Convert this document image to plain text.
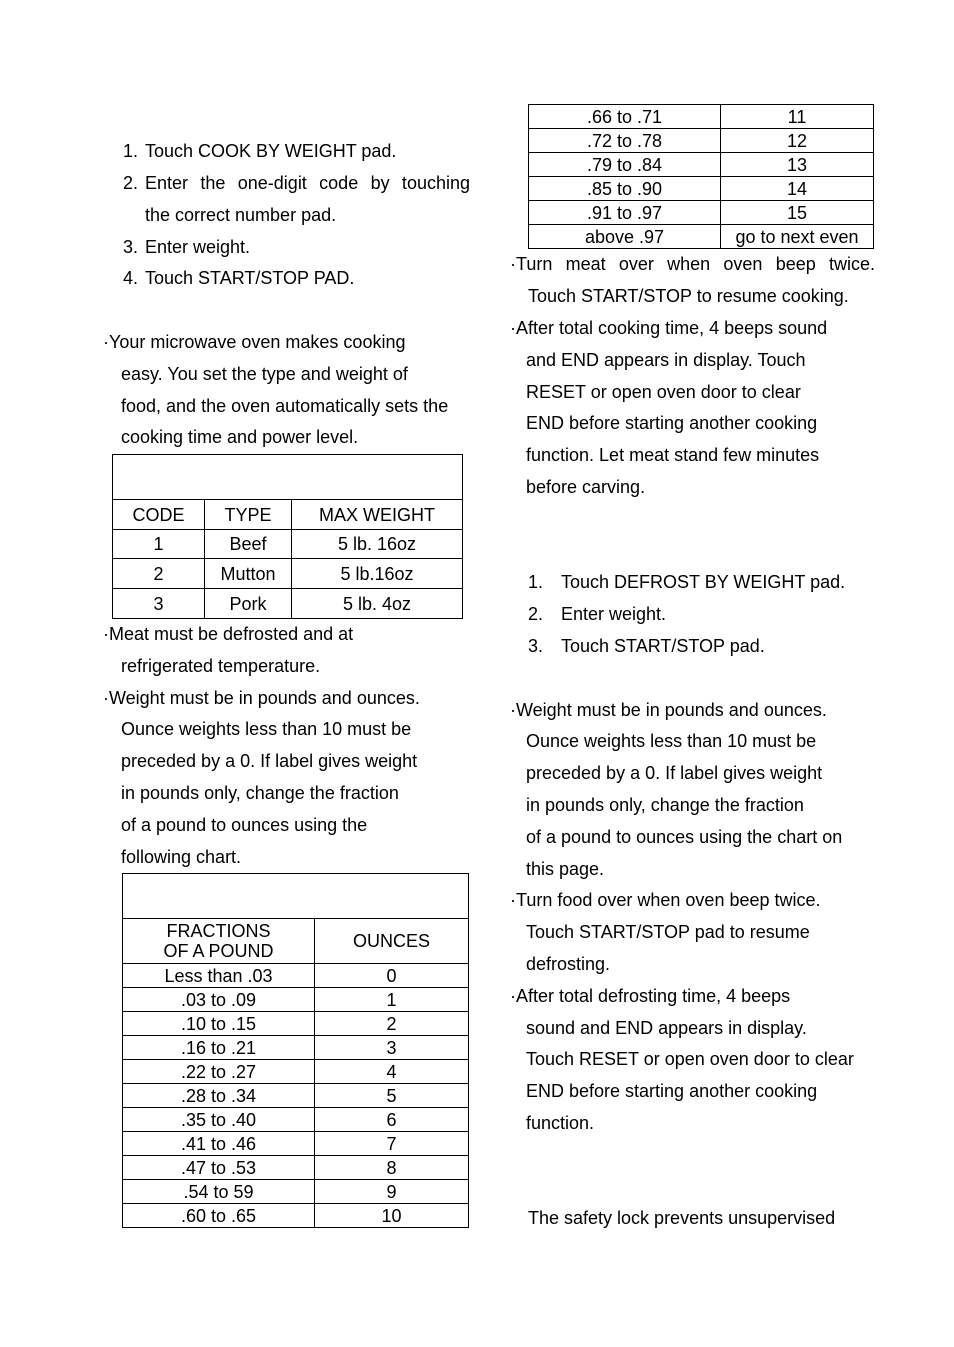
1. Touch COOK BY WEIGHT pad.
2. Enter the one-digit code by touching
the correct number pad.
3. Enter weight.
4. Touch START/STOP PAD.
·Your microwave oven makes cooking
easy. You set the type and weight of
food, and the oven automatically sets the
cooking time and power level.

CODE	TYPE	MAX WEIGHT
1	Beef	5 lb. 16oz
2	Mutton	5 lb.16oz
3	Pork	5 lb. 4oz
·Meat must be defrosted and at
refrigerated temperature.
·Weight must be in pounds and ounces.
Ounce weights less than 10 must be
preceded by a 0. If label gives weight
in pounds only, change the fraction
of a pound to ounces using the
following chart.

FRACTIONS
OF A POUND	OUNCES
Less than .03	0
.03 to .09	1
.10 to .15	2
.16 to .21	3
.22 to .27	4
.28 to .34	5
.35 to .40	6
.41 to .46	7
.47 to .53	8
.54 to 59	9
.60 to .65	10
.66 to .71	11
.72 to .78	12
.79 to .84	13
.85 to .90	14
.91 to .97	15
above .97	go to next even
·Turn meat over when oven beep twice.
Touch START/STOP to resume cooking.
·After total cooking time, 4 beeps sound
and END appears in display. Touch
RESET or open oven door to clear
END before starting another cooking
function. Let meat stand few minutes
before carving.
1. Touch DEFROST BY WEIGHT pad.
2. Enter weight.
3. Touch START/STOP pad.
·Weight must be in pounds and ounces.
Ounce weights less than 10 must be
preceded by a 0. If label gives weight
in pounds only, change the fraction
of a pound to ounces using the chart on
this page.
·Turn food over when oven beep twice.
Touch START/STOP pad to resume
defrosting.
·After total defrosting time, 4 beeps
sound and END appears in display.
Touch RESET or open oven door to clear
END before starting another cooking
function.
The safety lock prevents unsupervised
